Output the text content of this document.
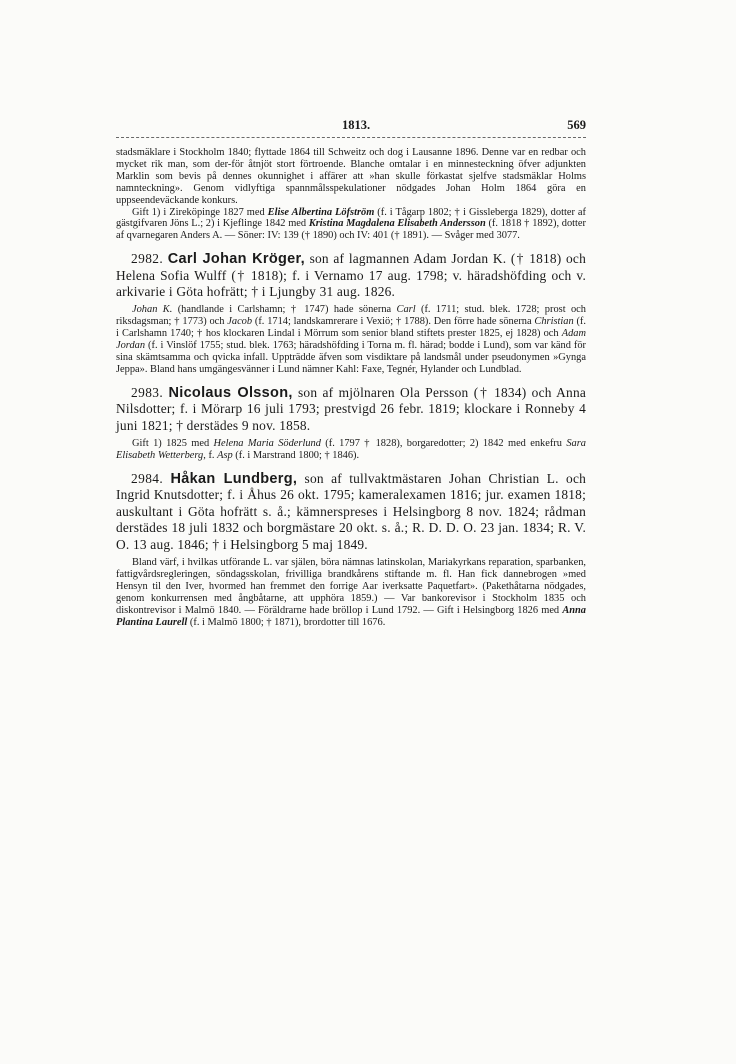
1813.	569

stadsmäklare i Stockholm 1840; flyttade 1864 till Schweitz och dog i Lausanne 1896. Denne var en redbar och mycket rik man, som der-för åtnjöt stort förtroende. Blanche omtalar i en minnesteckning öfver adjunkten Marklin som bevis på dennes okunnighet i affärer att »han skulle förkastat sjelfve stadsmäklar Holms namnteckning». Genom vidlyftiga spannmålsspekulationer nödgades Johan Holm 1864 göra en uppseendeväckande konkurs.

Gift 1) i Zireköpinge 1827 med Elise Albertina Löfström (f. i Tågarp 1802; † i Gissleberga 1829), dotter af gästgifvaren Jöns L.; 2) i Kjeflinge 1842 med Kristina Magdalena Elisabeth Andersson (f. 1818 † 1892), dotter af qvarnegaren Anders A. — Söner: IV: 139 († 1890) och IV: 401 († 1891). — Svåger med 3077.

2982. Carl Johan Kröger, son af lagmannen Adam Jordan K. († 1818) och Helena Sofia Wulff († 1818); f. i Vernamo 17 aug. 1798; v. häradshöfding och v. arkivarie i Göta hofrätt; † i Ljungby 31 aug. 1826.

Johan K. (handlande i Carlshamn; † 1747) hade sönerna Carl (f. 1711; stud. blek. 1728; prost och riksdagsman; † 1773) och Jacob (f. 1714; landskamrerare i Vexiö; † 1788). Den förre hade sönerna Christian (f. i Carlshamn 1740; † hos klockaren Lindal i Mörrum som senior bland stiftets prester 1825, ej 1828) och Adam Jordan (f. i Vinslöf 1755; stud. blek. 1763; häradshöfding i Torna m. fl. härad; bodde i Lund), som var känd för sina skämtsamma och qvicka infall. Uppträdde äfven som visdiktare på landsmål under pseudonymen »Gynga Jeppa». Bland hans umgängesvänner i Lund nämner Kahl: Faxe, Tegnér, Hylander och Lundblad.

2983. Nicolaus Olsson, son af mjölnaren Ola Persson († 1834) och Anna Nilsdotter; f. i Mörarp 16 juli 1793; prestvigd 26 febr. 1819; klockare i Ronneby 4 juni 1821; † derstädes 9 nov. 1858.

Gift 1) 1825 med Helena Maria Söderlund (f. 1797 † 1828), borgaredotter; 2) 1842 med enkefru Sara Elisabeth Wetterberg, f. Asp (f. i Marstrand 1800; † 1846).

2984. Håkan Lundberg, son af tullvaktmästaren Johan Christian L. och Ingrid Knutsdotter; f. i Åhus 26 okt. 1795; kameralexamen 1816; jur. examen 1818; auskultant i Göta hofrätt s. å.; kämnerspreses i Helsingborg 8 nov. 1824; rådman derstädes 18 juli 1832 och borgmästare 20 okt. s. å.; R. D. D. O. 23 jan. 1834; R. V. O. 13 aug. 1846; † i Helsingborg 5 maj 1849.

Bland värf, i hvilkas utförande L. var själen, böra nämnas latinskolan, Mariakyrkans reparation, sparbanken, fattigvårdsregleringen, söndagsskolan, frivilliga brandkårens stiftande m. fl. Han fick dannebrogen »med Hensyn til den Iver, hvormed han fremmet den forrige Aar iverksatte Paquetfart». (Pakethåtarna nödgades, genom konkurrensen med ångbåtarne, att upphöra 1859.) — Var bankorevisor i Stockholm 1835 och diskontrevisor i Malmö 1840. — Föräldrarne hade bröllop i Lund 1792. — Gift i Helsingborg 1826 med Anna Plantina Laurell (f. i Malmö 1800; † 1871), brordotter till 1676.
